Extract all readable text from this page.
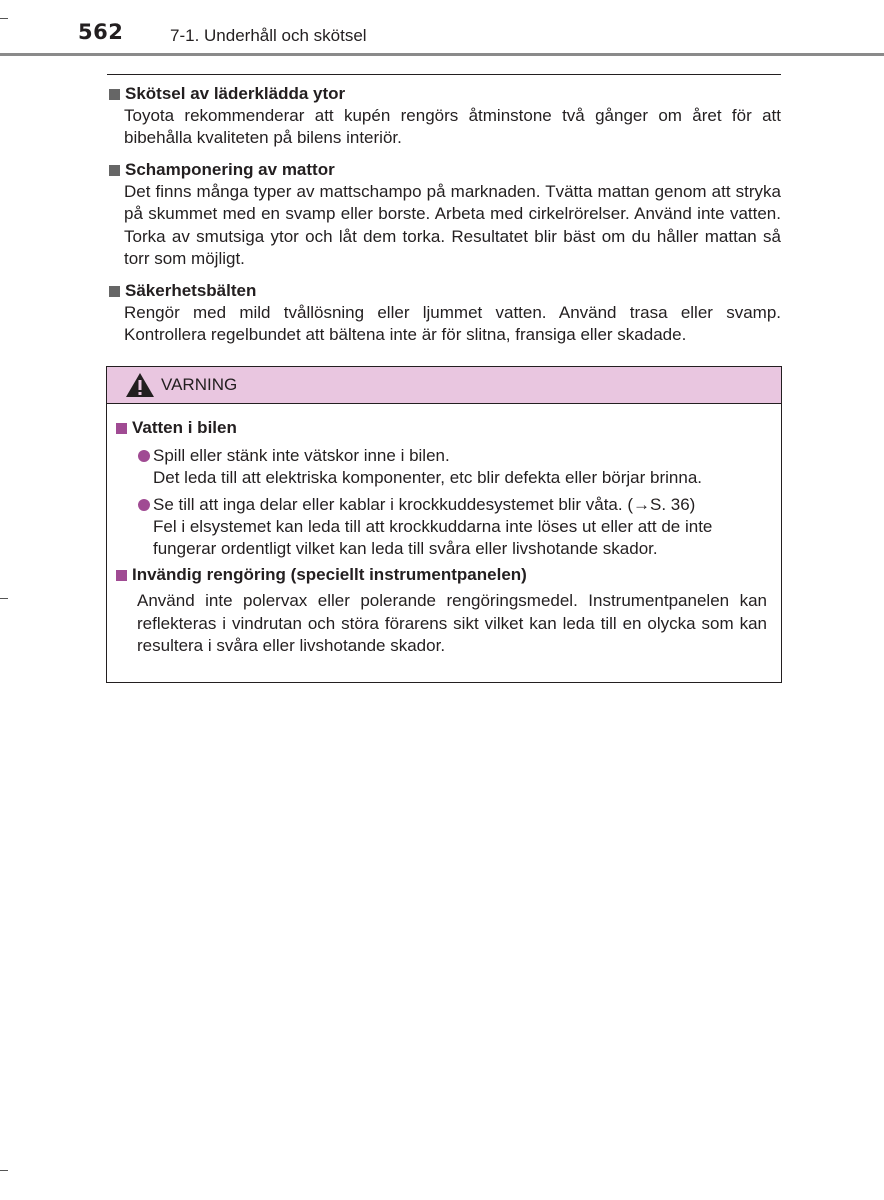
562	7-1. Underhåll och skötsel
Skötsel av läderklädda ytor
Toyota rekommenderar att kupén rengörs åtminstone två gånger om året för att bibehålla kvaliteten på bilens interiör.
Schamponering av mattor
Det finns många typer av mattschampo på marknaden. Tvätta mattan genom att stryka på skummet med en svamp eller borste. Arbeta med cirkelrörelser. Använd inte vatten. Torka av smutsiga ytor och låt dem torka. Resultatet blir bäst om du håller mattan så torr som möjligt.
Säkerhetsbälten
Rengör med mild tvållösning eller ljummet vatten. Använd trasa eller svamp. Kontrollera regelbundet att bältena inte är för slitna, fransiga eller skadade.
VARNING
Vatten i bilen
Spill eller stänk inte vätskor inne i bilen.
Det leda till att elektriska komponenter, etc blir defekta eller börjar brinna.
Se till att inga delar eller kablar i krockkuddesystemet blir våta. (→S. 36)
Fel i elsystemet kan leda till att krockkuddarna inte löses ut eller att de inte fungerar ordentligt vilket kan leda till svåra eller livshotande skador.
Invändig rengöring (speciellt instrumentpanelen)
Använd inte polervax eller polerande rengöringsmedel. Instrumentpanelen kan reflekteras i vindrutan och störa förarens sikt vilket kan leda till en olycka som kan resultera i svåra eller livshotande skador.
